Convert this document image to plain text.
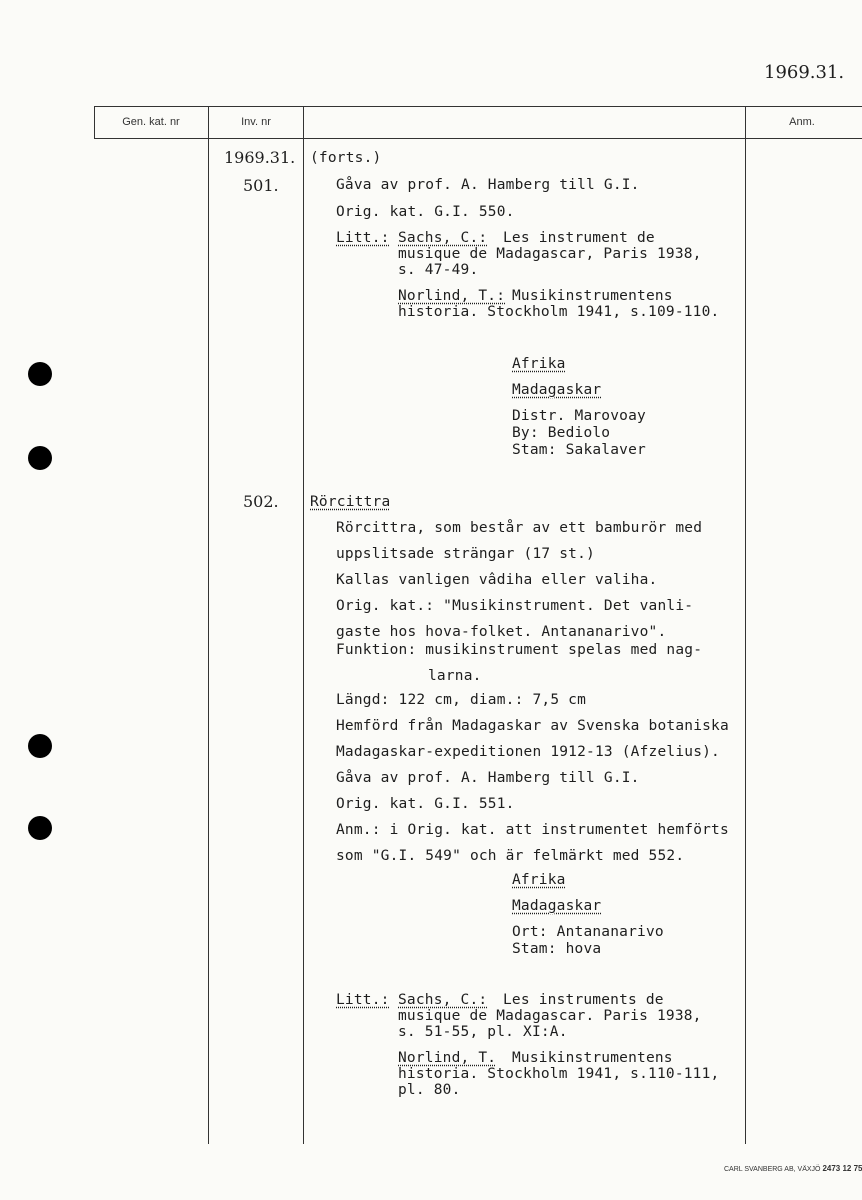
1969.31.
Gen. kat. nr	Inv. nr	Anm.
1969.31. (forts.)
501.	Gåva av prof. A. Hamberg till G.I.
Orig. kat. G.I. 550.
Litt.: Sachs, C.: Les instrument de
musique de Madagascar, Paris 1938,
s. 47-49.
Norlind, T.: Musikinstrumentens
historia. Stockholm 1941, s.109-110.
Afrika
Madagaskar
Distr. Marovoay
By: Bediolo
Stam: Sakalaver
502. Rörcittra
Rörcittra, som består av ett bamburör med
uppslitsade strängar (17 st.)
Kallas vanligen vâdiha eller valiha.
Orig. kat.: "Musikinstrument. Det vanli-
gaste hos hova-folket. Antananarivo".
Funktion: musikinstrument spelas med nag-
larna.
Längd: 122 cm, diam.: 7,5 cm
Hemförd från Madagaskar av Svenska botaniska
Madagaskar-expeditionen 1912-13 (Afzelius).
Gåva av prof. A. Hamberg till G.I.
Orig. kat. G.I. 551.
Anm.: i Orig. kat. att instrumentet hemförts
som "G.I. 549" och är felmärkt med 552.
Afrika
Madagaskar
Ort: Antananarivo
Stam: hova
Litt.: Sachs, C.: Les instruments de
musique de Madagascar. Paris 1938,
s. 51-55, pl. XI:A.
Norlind, T. Musikinstrumentens
historia. Stockholm 1941, s.110-111,
pl. 80.
CARL SVANBERG AB, VÄXJÖ 2473 12 75
